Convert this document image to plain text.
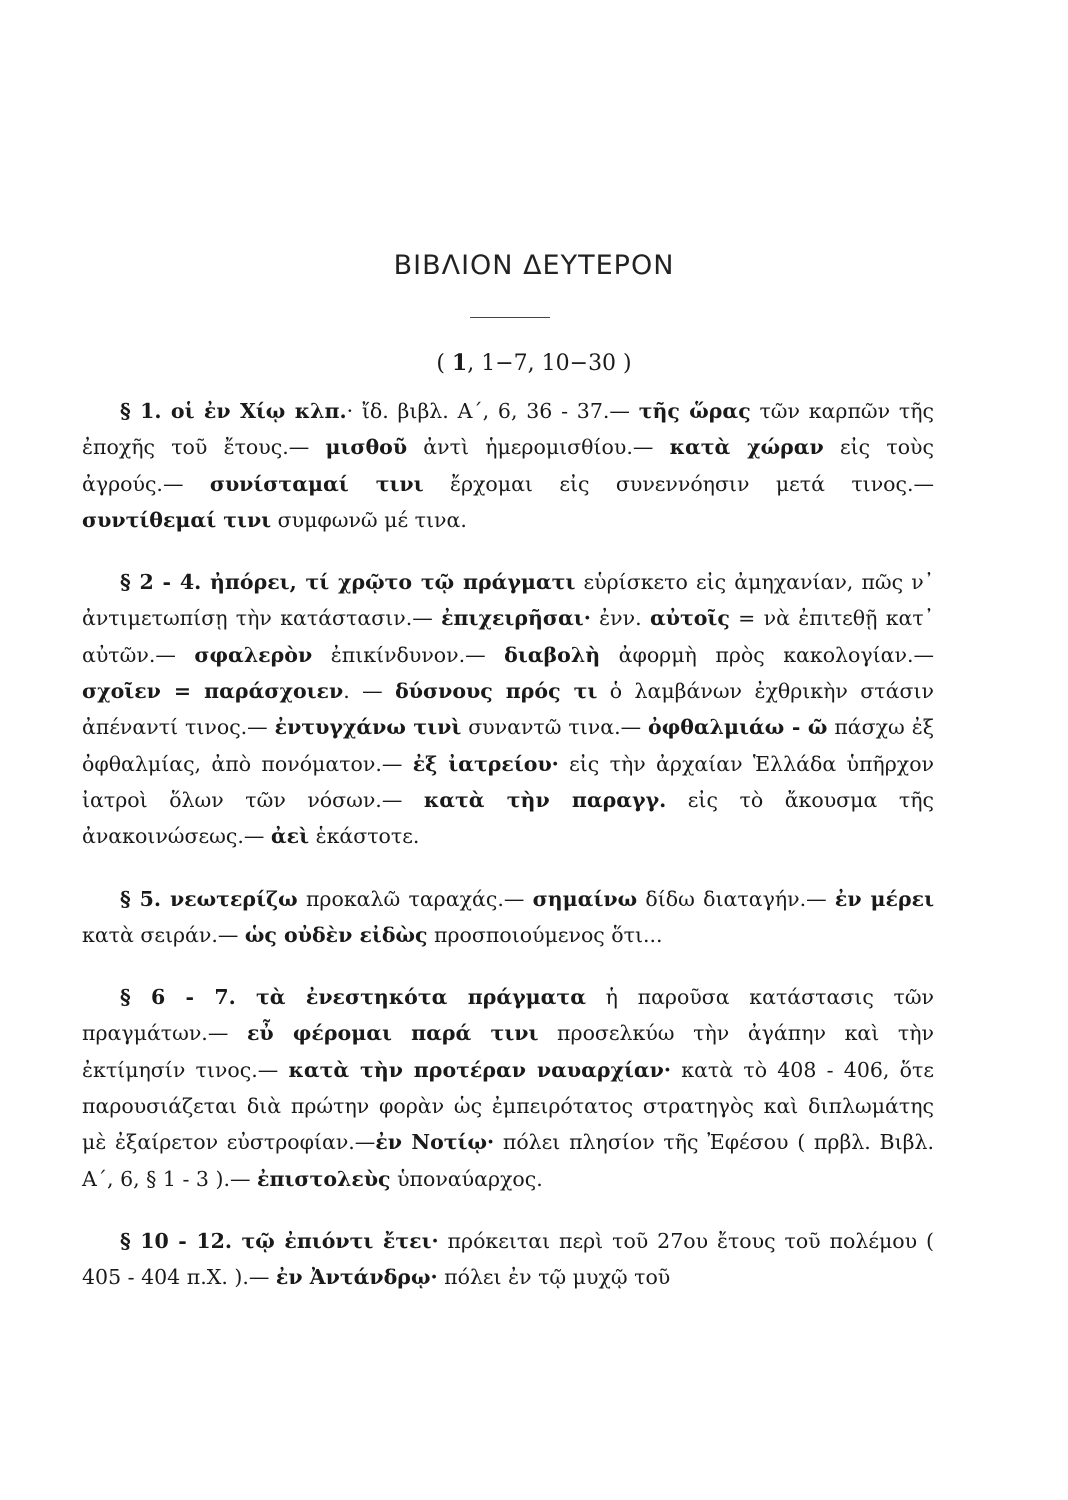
ΒΙΒΛΙΟΝ ΔΕΥΤΕΡΟΝ
( 1, 1−7, 10−30 )

§ 1. οἱ ἐν Χίῳ κλπ.· ἴδ. βιβλ. Α΄, 6, 36 - 37.— τῆς ὥρας τῶν καρπῶν τῆς ἐποχῆς τοῦ ἔτους.— μισθοῦ ἀντὶ ἡμερομισθίου.— κατὰ χώραν εἰς τοὺς ἀγρούς.— συνίσταμαί τινι ἔρχομαι εἰς συνεννόησιν μετά τινος.— συντίθεμαί τινι συμφωνῶ μέ τινα.

§ 2 - 4. ἠπόρει, τί χρῷτο τῷ πράγματι εὑρίσκετο εἰς ἀμηχανίαν, πῶς ν᾽ ἀντιμετωπίσῃ τὴν κατάστασιν.— ἐπιχειρῆσαι· ἐνν. αὐτοῖς = νὰ ἐπιτεθῇ κατ᾽ αὐτῶν.— σφαλερὸν ἐπικίνδυνον.— διαβολὴ ἀφορμὴ πρὸς κακολογίαν.— σχοῖεν = παράσχοιεν. — δύσνους πρός τι ὁ λαμβάνων ἐχθρικὴν στάσιν ἀπέναντί τινος.— ἐντυγχάνω τινὶ συναντῶ τινα.— ὀφθαλμιάω - ῶ πάσχω ἐξ ὀφθαλμίας, ἀπὸ πονόματον.— ἐξ ἰατρείου· εἰς τὴν ἀρχαίαν Ἑλλάδα ὑπῆρχον ἰατροὶ ὅλων τῶν νόσων.— κατὰ τὴν παραγγ. εἰς τὸ ἄκουσμα τῆς ἀνακοινώσεως.— ἀεὶ ἑκάστοτε.

§ 5. νεωτερίζω προκαλῶ ταραχάς.— σημαίνω δίδω διαταγήν.— ἐν μέρει κατὰ σειράν.— ὡς οὐδὲν εἰδὼς προσποιούμενος ὅτι...

§ 6 - 7. τὰ ἐνεστηκότα πράγματα ἡ παροῦσα κατάστασις τῶν πραγμάτων.— εὖ φέρομαι παρά τινι προσελκύω τὴν ἀγάπην καὶ τὴν ἐκτίμησίν τινος.— κατὰ τὴν προτέραν ναυαρχίαν· κατὰ τὸ 408 - 406, ὅτε παρουσιάζεται διὰ πρώτην φορὰν ὡς ἐμπειρότατος στρατηγὸς καὶ διπλωμάτης μὲ ἐξαίρετον εὐστροφίαν.—ἐν Νοτίῳ· πόλει πλησίον τῆς Ἐφέσου ( πρβλ. Βιβλ. Α΄, 6, § 1 - 3 ).— ἐπιστολεὺς ὑποναύαρχος.

§ 10 - 12. τῷ ἐπιόντι ἔτει· πρόκειται περὶ τοῦ 27ου ἔτους τοῦ πολέμου ( 405 - 404 π.Χ. ).— ἐν Ἀντάνδρῳ· πόλει ἐν τῷ μυχῷ τοῦ
